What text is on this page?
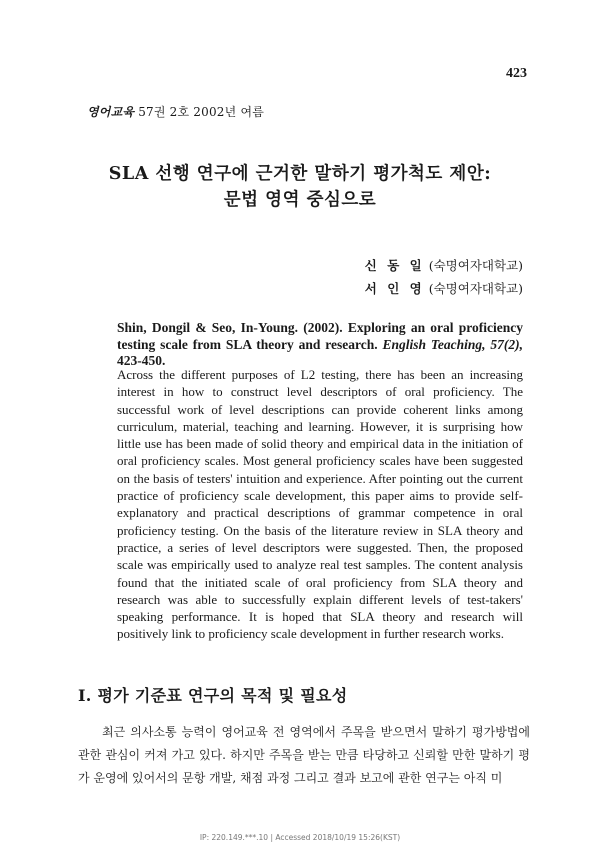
423
영어교육 57권 2호 2002년 여름
SLA 선행 연구에 근거한 말하기 평가척도 제안:
문법 영역 중심으로
신 동 일 (숙명여자대학교)
서 인 영 (숙명여자대학교)
Shin, Dongil & Seo, In-Young. (2002). Exploring an oral proficiency testing scale from SLA theory and research. English Teaching, 57(2), 423-450.
Across the different purposes of L2 testing, there has been an increasing interest in how to construct level descriptors of oral proficiency. The successful work of level descriptions can provide coherent links among curriculum, material, teaching and learning. However, it is surprising how little use has been made of solid theory and empirical data in the initiation of oral proficiency scales. Most general proficiency scales have been suggested on the basis of testers' intuition and experience. After pointing out the current practice of proficiency scale development, this paper aims to provide self-explanatory and practical descriptions of grammar competence in oral proficiency testing. On the basis of the literature review in SLA theory and practice, a series of level descriptors were suggested. Then, the proposed scale was empirically used to analyze real test samples. The content analysis found that the initiated scale of oral proficiency from SLA theory and research was able to successfully explain different levels of test-takers' speaking performance. It is hoped that SLA theory and research will positively link to proficiency scale development in further research works.
I. 평가 기준표 연구의 목적 및 필요성
최근 의사소통 능력이 영어교육 전 영역에서 주목을 받으면서 말하기 평가방법에 관한 관심이 커져 가고 있다. 하지만 주목을 받는 만큼 타당하고 신뢰할 만한 말하기 평가 운영에 있어서의 문항 개발, 채점 과정 그리고 결과 보고에 관한 연구는 아직 미
IP: 220.149.***.10 | Accessed 2018/10/19 15:26(KST)
